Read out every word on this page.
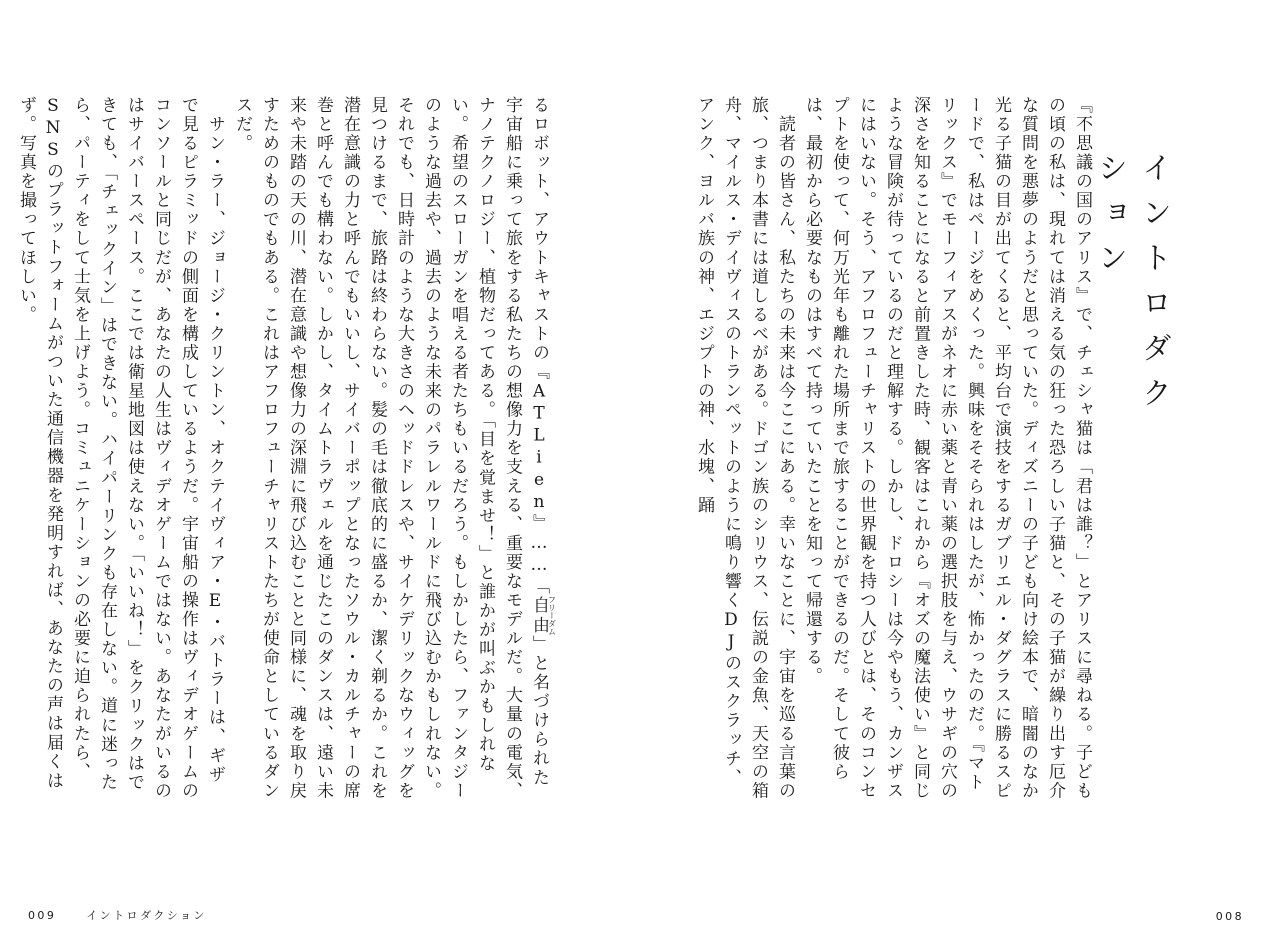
るロボット、アウトキャストの『ATLien』……「自由フリーダム」と名づけられた宇宙船に乗って旅をする私たちの想像力を支える、重要なモデルだ。大量の電気、ナノテクノロジー、植物だってある。「目を覚ませ！」と誰かが叫ぶかもしれない。希望のスローガンを唱える者たちもいるだろう。もしかしたら、ファンタジーのような過去や、過去のような未来のパラレルワールドに飛び込むかもしれない。それでも、日時計のような大きさのヘッドドレスや、サイケデリックなウィッグを見つけるまで、旅路は終わらない。髪の毛は徹底的に盛るか、潔く剃るか。これを潜在意識の力と呼んでもいいし、サイバーポップとなったソウル・カルチャーの席巻と呼んでも構わない。しかし、タイムトラヴェルを通じたこのダンスは、遠い未来や未踏の天の川、潜在意識や想像力の深淵に飛び込むことと同様に、魂を取り戻すためのものでもある。これはアフロフューチャリストたちが使命としているダンスだ。

　サン・ラー、ジョージ・クリントン、オクテイヴィア・E・バトラーは、ギザで見るピラミッドの側面を構成しているようだ。宇宙船の操作はヴィデオゲームのコンソールと同じだが、あなたの人生はヴィデオゲームではない。あなたがいるのはサイバースペース。ここでは衛星地図は使えない。「いいね！」をクリックはできても、「チェックイン」はできない。ハイパーリンクも存在しない。道に迷ったら、パーティをして士気を上げよう。コミュニケーションの必要に迫られたら、SNSのプラットフォームがついた通信機器を発明すれば、あなたの声は届くはず。写真を撮ってほしい。

009	イントロダクション
イントロダクション

『不思議の国のアリス』で、チェシャ猫は「君は誰？」とアリスに尋ねる。子どもの頃の私は、現れては消える気の狂った恐ろしい子猫と、その子猫が繰り出す厄介な質問を悪夢のようだと思っていた。ディズニーの子ども向け絵本で、暗闇のなか光る子猫の目が出てくると、平均台で演技をするガブリエル・ダグラスに勝るスピードで、私はページをめくった。興味をそそられはしたが、怖かったのだ。『マトリックス』でモーフィアスがネオに赤い薬と青い薬の選択肢を与え、ウサギの穴の深さを知ることになると前置きした時、観客はこれから『オズの魔法使い』と同じような冒険が待っているのだと理解する。しかし、ドロシーは今やもう、カンザスにはいない。そう、アフロフューチャリストの世界観を持つ人びとは、そのコンセプトを使って、何万光年も離れた場所まで旅することができるのだ。そして彼らは、最初から必要なものはすべて持っていたことを知って帰還する。

　読者の皆さん、私たちの未来は今ここにある。幸いなことに、宇宙を巡る言葉の旅、つまり本書には道しるべがある。ドゴン族のシリウス、伝説の金魚、天空の箱舟、マイルス・デイヴィスのトランペットのように鳴り響くDJのスクラッチ、アンク、ヨルバ族の神、エジプトの神、水塊、踊

008
